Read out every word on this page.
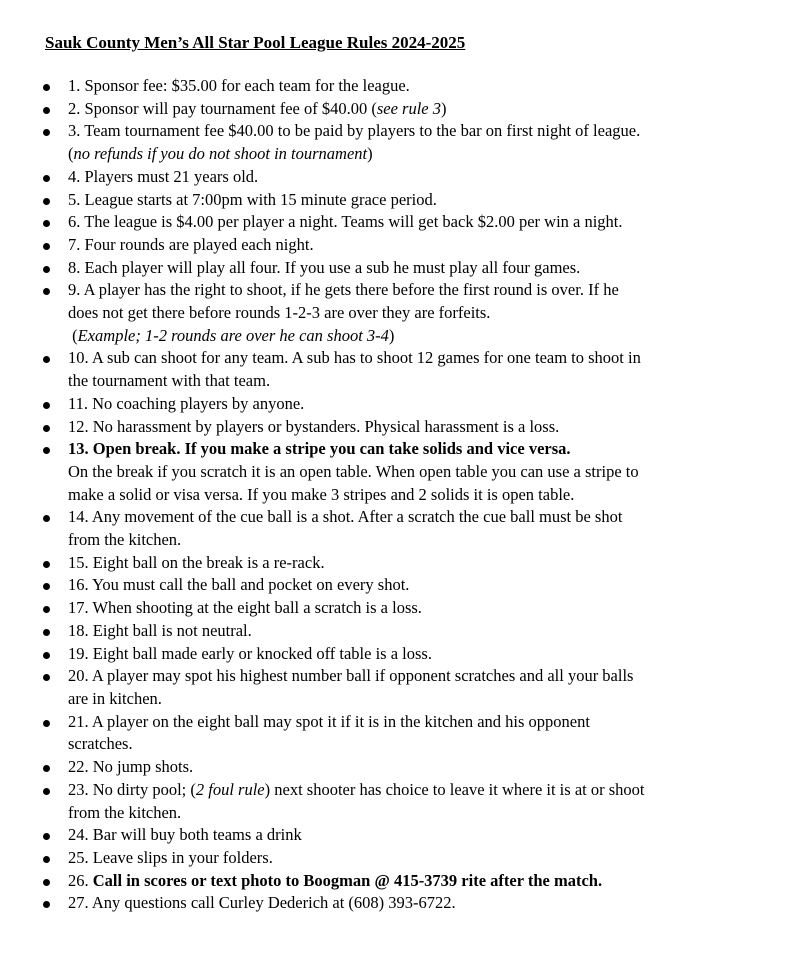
Sauk County Men’s All Star Pool League Rules 2024-2025
1. Sponsor fee: $35.00 for each team for the league.
2. Sponsor will pay tournament fee of $40.00 (see rule 3)
3. Team tournament fee $40.00 to be paid by players to the bar on first night of league.
(no refunds if you do not shoot in tournament)
4. Players must 21 years old.
5. League starts at 7:00pm with 15 minute grace period.
6. The league is $4.00 per player a night. Teams will get back $2.00 per win a night.
7. Four rounds are played each night.
8. Each player will play all four. If you use a sub he must play all four games.
9. A player has the right to shoot, if he gets there before the first round is over. If he
does not get there before rounds 1-2-3 are over they are forfeits.
(Example; 1-2 rounds are over he can shoot 3-4)
10. A sub can shoot for any team. A sub has to shoot 12 games for one team to shoot in
the tournament with that team.
11. No coaching players by anyone.
12. No harassment by players or bystanders. Physical harassment is a loss.
13. Open break. If you make a stripe you can take solids and vice versa.
On the break if you scratch it is an open table. When open table you can use a stripe to
make a solid or visa versa. If you make 3 stripes and 2 solids it is open table.
14. Any movement of the cue ball is a shot. After a scratch the cue ball must be shot
from the kitchen.
15. Eight ball on the break is a re-rack.
16. You must call the ball and pocket on every shot.
17. When shooting at the eight ball a scratch is a loss.
18. Eight ball is not neutral.
19. Eight ball made early or knocked off table is a loss.
20. A player may spot his highest number ball if opponent scratches and all your balls
are in kitchen.
21. A player on the eight ball may spot it if it is in the kitchen and his opponent
scratches.
22. No jump shots.
23. No dirty pool; (2 foul rule) next shooter has choice to leave it where it is at or shoot
from the kitchen.
24. Bar will buy both teams a drink
25. Leave slips in your folders.
26. Call in scores or text photo to Boogman @ 415-3739 rite after the match.
27. Any questions call Curley Dederich at (608) 393-6722.
